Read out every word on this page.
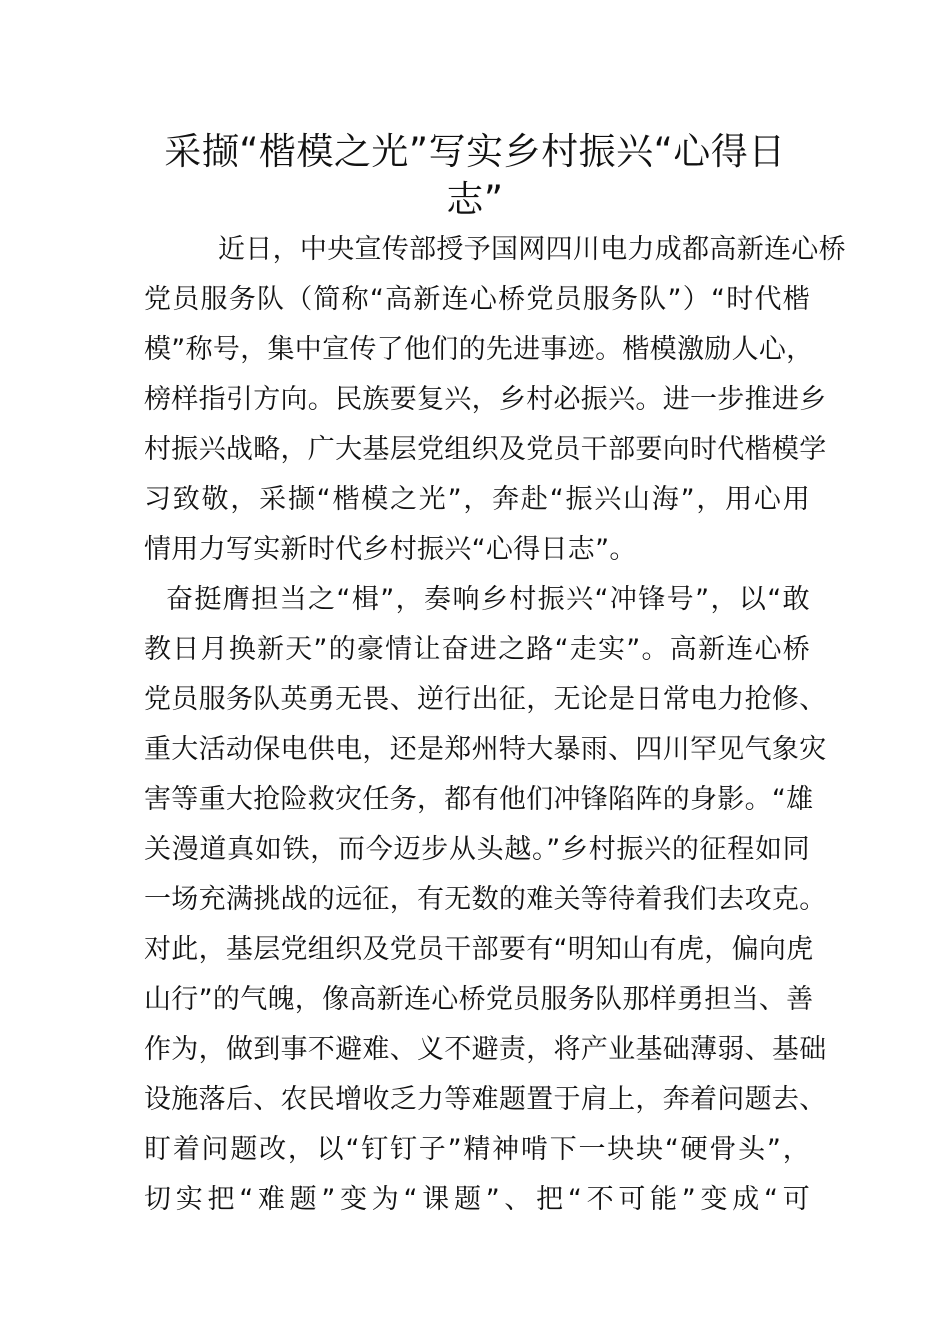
采撷“楷模之光”写实乡村振兴“心得日志”
近日，中央宣传部授予国网四川电力成都高新连心桥
党员服务队（简称“高新连心桥党员服务队”）“时代楷
模”称号，集中宣传了他们的先进事迹。楷模激励人心，
榜样指引方向。民族要复兴，乡村必振兴。进一步推进乡
村振兴战略，广大基层党组织及党员干部要向时代楷模学
习致敬，采撷“楷模之光”，奔赴“振兴山海”，用心用
情用力写实新时代乡村振兴“心得日志”。
奋挺膺担当之“楫”，奏响乡村振兴“冲锋号”，以“敢
教日月换新天”的豪情让奋进之路“走实”。高新连心桥
党员服务队英勇无畏、逆行出征，无论是日常电力抢修、
重大活动保电供电，还是郑州特大暴雨、四川罕见气象灾
害等重大抢险救灾任务，都有他们冲锋陷阵的身影。“雄
关漫道真如铁，而今迈步从头越。”乡村振兴的征程如同
一场充满挑战的远征，有无数的难关等待着我们去攻克。
对此，基层党组织及党员干部要有“明知山有虎，偏向虎
山行”的气魄，像高新连心桥党员服务队那样勇担当、善
作为，做到事不避难、义不避责，将产业基础薄弱、基础
设施落后、农民增收乏力等难题置于肩上，奔着问题去、
盯着问题改，以“钉钉子”精神啃下一块块“硬骨头”，
切实把“难题”变为“课题”、把“不可能”变成“可
